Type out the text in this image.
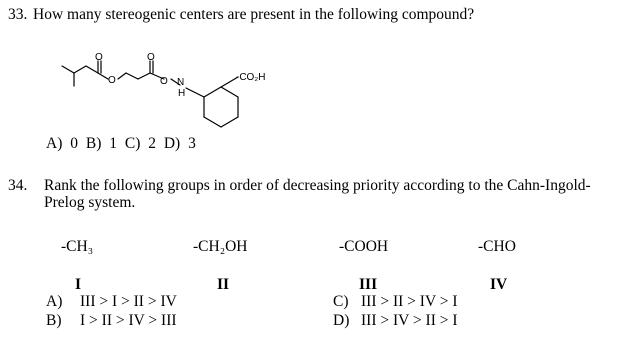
33. How many stereogenic centers are present in the following compound?
O
O
O
O N
H
-CO₂H
A) 0 B) 1 C) 2 D) 3
34. Rank the following groups in order of decreasing priority according to the Cahn-Ingold-
Prelog system.
-CH₃	-CH₂OH	-COOH	-CHO
I	II	III	IV
A) III > I > II > IV
B) I > II > IV > III
C) III > II > IV > I
D) III > IV > II > I
